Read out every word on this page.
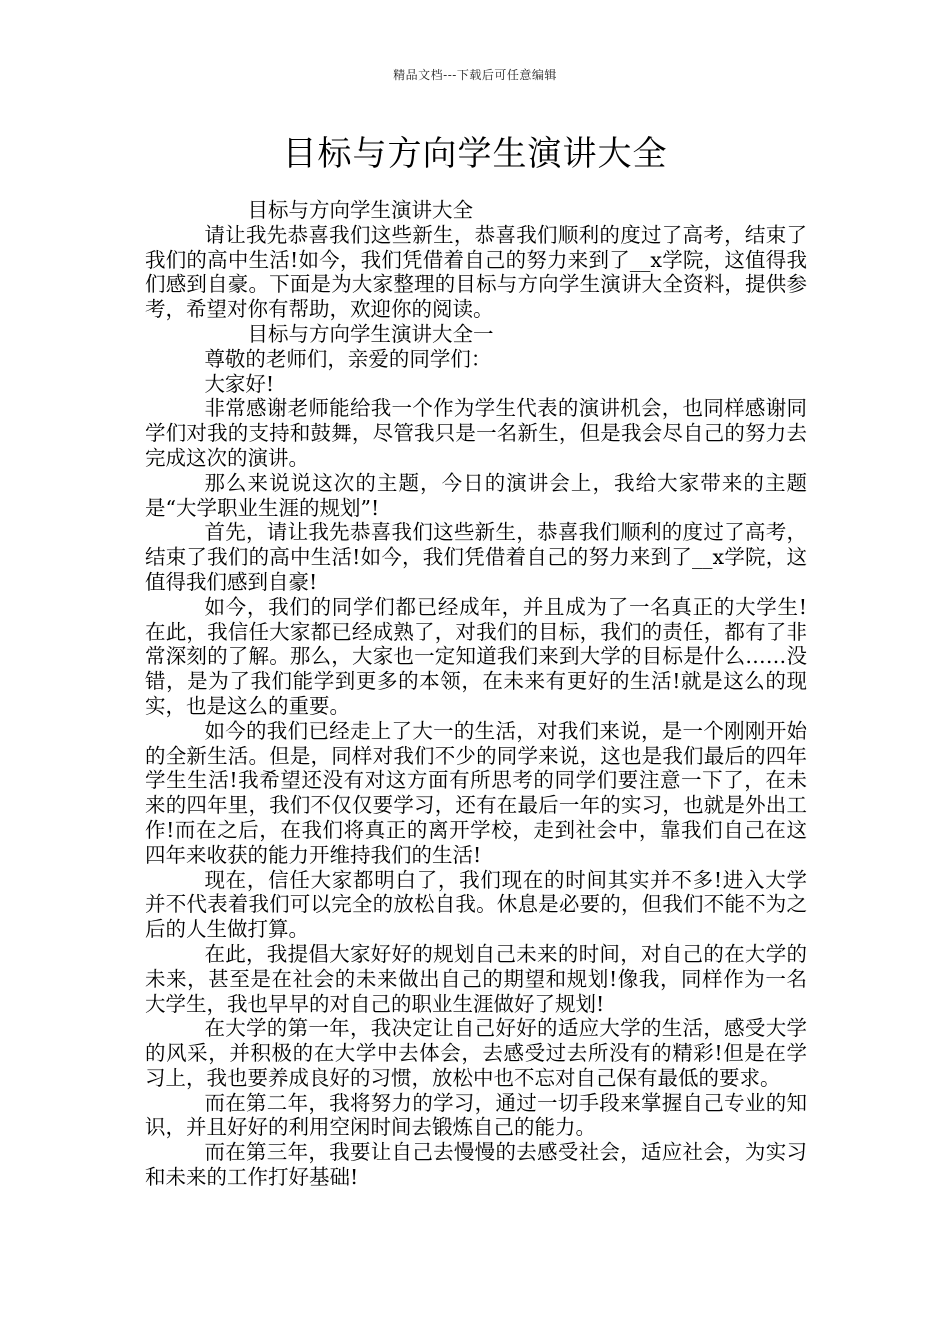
精品文档---下载后可任意编辑
目标与方向学生演讲大全

目标与方向学生演讲大全

请让我先恭喜我们这些新生，恭喜我们顺利的度过了高考，结束了我们的高中生活!如今，我们凭借着自己的努力来到了__x学院，这值得我们感到自豪。下面是为大家整理的目标与方向学生演讲大全资料，提供参考，希望对你有帮助，欢迎你的阅读。

目标与方向学生演讲大全一

尊敬的老师们，亲爱的同学们：

大家好!

非常感谢老师能给我一个作为学生代表的演讲机会，也同样感谢同学们对我的支持和鼓舞，尽管我只是一名新生，但是我会尽自己的努力去完成这次的演讲。

那么来说说这次的主题，今日的演讲会上，我给大家带来的主题是“大学职业生涯的规划”!

首先，请让我先恭喜我们这些新生，恭喜我们顺利的度过了高考，结束了我们的高中生活!如今，我们凭借着自己的努力来到了__x学院，这值得我们感到自豪!

如今，我们的同学们都已经成年，并且成为了一名真正的大学生!在此，我信任大家都已经成熟了，对我们的目标，我们的责任，都有了非常深刻的了解。那么，大家也一定知道我们来到大学的目标是什么……没错，是为了我们能学到更多的本领，在未来有更好的生活!就是这么的现实，也是这么的重要。

如今的我们已经走上了大一的生活，对我们来说，是一个刚刚开始的全新生活。但是，同样对我们不少的同学来说，这也是我们最后的四年学生生活!我希望还没有对这方面有所思考的同学们要注意一下了，在未来的四年里，我们不仅仅要学习，还有在最后一年的实习，也就是外出工作!而在之后，在我们将真正的离开学校，走到社会中，靠我们自己在这四年来收获的能力开维持我们的生活!

现在，信任大家都明白了，我们现在的时间其实并不多!进入大学并不代表着我们可以完全的放松自我。休息是必要的，但我们不能不为之后的人生做打算。

在此，我提倡大家好好的规划自己未来的时间，对自己的在大学的未来，甚至是在社会的未来做出自己的期望和规划!像我，同样作为一名大学生，我也早早的对自己的职业生涯做好了规划!

在大学的第一年，我决定让自己好好的适应大学的生活，感受大学的风采，并积极的在大学中去体会，去感受过去所没有的精彩!但是在学习上，我也要养成良好的习惯，放松中也不忘对自己保有最低的要求。

而在第二年，我将努力的学习，通过一切手段来掌握自己专业的知识，并且好好的利用空闲时间去锻炼自己的能力。

而在第三年，我要让自己去慢慢的去感受社会，适应社会，为实习和未来的工作打好基础!
